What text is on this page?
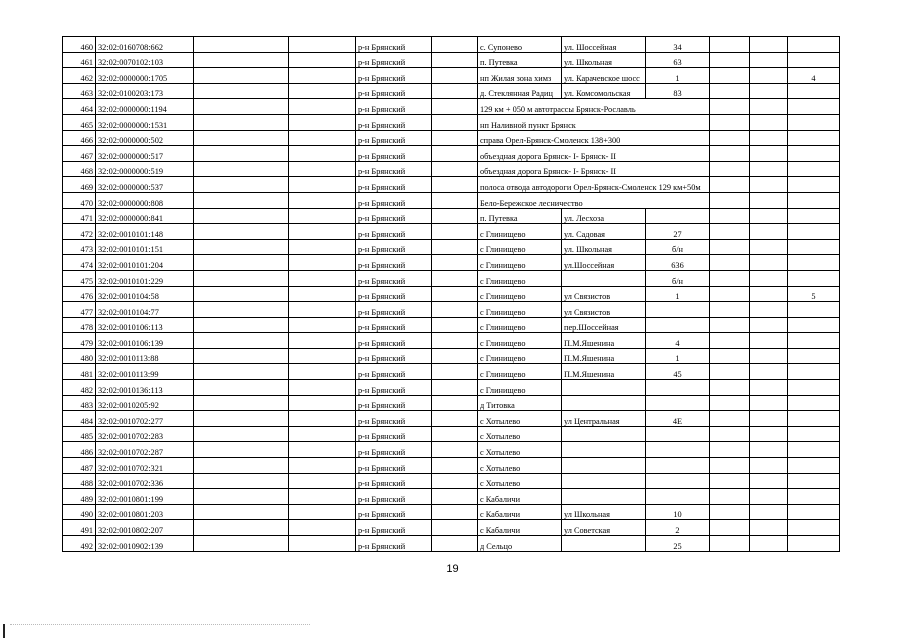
460	32:02:0160708:662			р-н Брянский		с. Супонево	ул. Шоссейная	34			
461	32:02:0070102:103			р-н Брянский		п. Путевка	ул. Школьная	63			
462	32:02:0000000:1705			р-н Брянский		нп Жилая зона химз	ул. Карачевское шосс	1			4
463	32:02:0100203:173			р-н Брянский		д. Стеклянная Радиц	ул. Комсомольская	83			
464	32:02:0000000:1194			р-н Брянский		129 км + 050 м автотрассы Брянск-Рославль					
465	32:02:0000000:1531			р-н Брянский		нп Наливной пункт Брянск					
466	32:02:0000000:502			р-н Брянский		справа Орел-Брянск-Смоленск 138+300					
467	32:02:0000000:517			р-н Брянский		объездная дорога Брянск- I- Брянск- II					
468	32:02:0000000:519			р-н Брянский		объездная дорога Брянск- I- Брянск- II					
469	32:02:0000000:537			р-н Брянский		полоса отвода автодороги Орел-Брянск-Смоленск 129 км+50м					
470	32:02:0000000:808			р-н Брянский		Бело-Бережское лесничество					
471	32:02:0000000:841			р-н Брянский		п. Путевка	ул. Лесхоза				
472	32:02:0010101:148			р-н Брянский		с Глинищево	ул. Садовая	27			
473	32:02:0010101:151			р-н Брянский		с Глинищево	ул. Школьная	б/н			
474	32:02:0010101:204			р-н Брянский		с Глинищево	ул.Шоссейная	636			
475	32:02:0010101:229			р-н Брянский		с Глинищево		б/н			
476	32:02:0010104:58			р-н Брянский		с Глинищево	ул Связистов	1			5
477	32:02:0010104:77			р-н Брянский		с Глинищево	ул Связистов				
478	32:02:0010106:113			р-н Брянский		с Глинищево	пер.Шоссейная				
479	32:02:0010106:139			р-н Брянский		с Глинищево	П.М.Яшенина	4			
480	32:02:0010113:88			р-н Брянский		с Глинищево	П.М.Яшенина	1			
481	32:02:0010113:99			р-н Брянский		с Глинищево	П.М.Яшенина	45			
482	32:02:0010136:113			р-н Брянский		с Глинищево					
483	32:02:0010205:92			р-н Брянский		д Титовка					
484	32:02:0010702:277			р-н Брянский		с Хотылево	ул Центральная	4Е			
485	32:02:0010702:283			р-н Брянский		с Хотылево					
486	32:02:0010702:287			р-н Брянский		с Хотылево					
487	32:02:0010702:321			р-н Брянский		с Хотылево					
488	32:02:0010702:336			р-н Брянский		с Хотылево					
489	32:02:0010801:199			р-н Брянский		с Кабаличи					
490	32:02:0010801:203			р-н Брянский		с Кабаличи	ул Школьная	10			
491	32:02:0010802:207			р-н Брянский		с Кабаличи	ул Советская	2			
492	32:02:0010902:139			р-н Брянский		д Сельцо		25			
19
